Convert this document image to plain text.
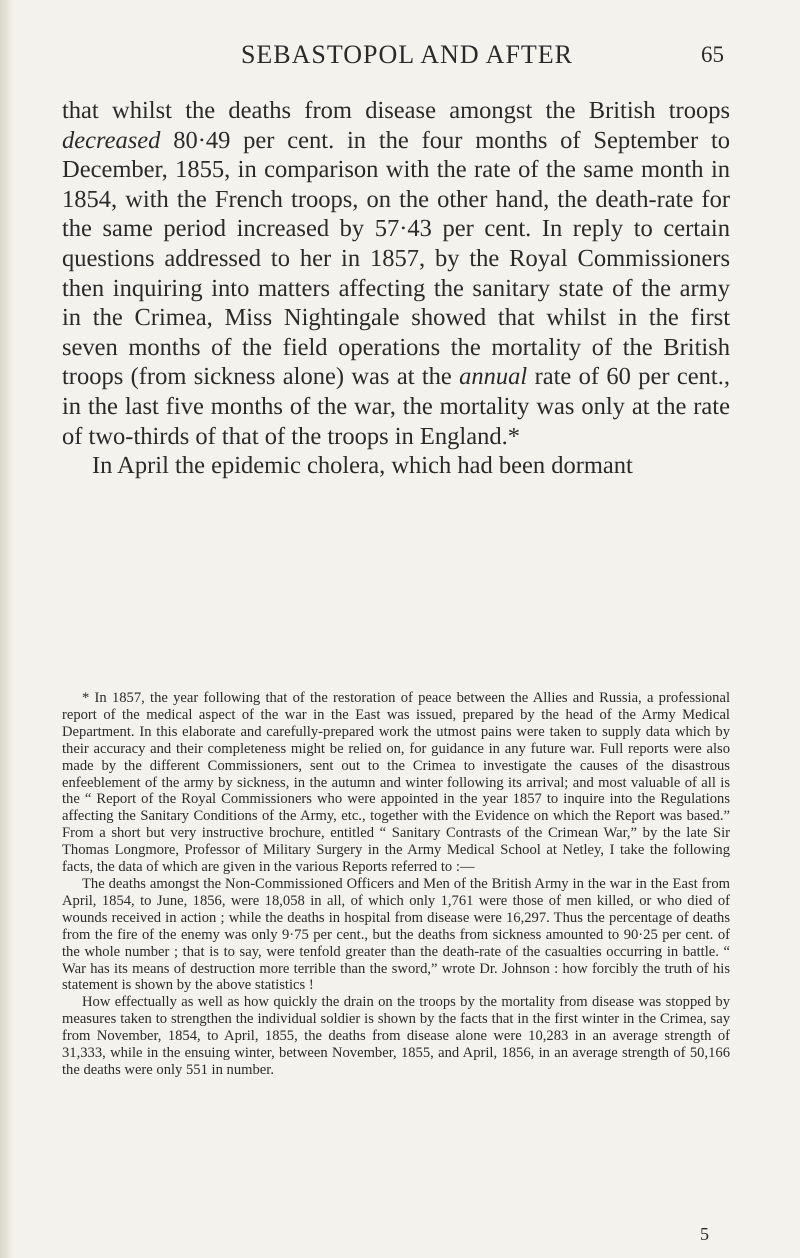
SEBASTOPOL AND AFTER	65

that whilst the deaths from disease amongst the British troops decreased 80·49 per cent. in the four months of September to December, 1855, in comparison with the rate of the same month in 1854, with the French troops, on the other hand, the death-rate for the same period increased by 57·43 per cent. In reply to certain questions addressed to her in 1857, by the Royal Commissioners then inquiring into matters affecting the sanitary state of the army in the Crimea, Miss Nightingale showed that whilst in the first seven months of the field operations the mortality of the British troops (from sickness alone) was at the annual rate of 60 per cent., in the last five months of the war, the mortality was only at the rate of two-thirds of that of the troops in England.*

In April the epidemic cholera, which had been dormant

* In 1857, the year following that of the restoration of peace between the Allies and Russia, a professional report of the medical aspect of the war in the East was issued, prepared by the head of the Army Medical Department. In this elaborate and carefully-prepared work the utmost pains were taken to supply data which by their accuracy and their completeness might be relied on, for guidance in any future war. Full reports were also made by the different Commissioners, sent out to the Crimea to investigate the causes of the disastrous enfeeblement of the army by sickness, in the autumn and winter following its arrival; and most valuable of all is the “ Report of the Royal Commissioners who were appointed in the year 1857 to inquire into the Regulations affecting the Sanitary Conditions of the Army, etc., together with the Evidence on which the Report was based.” From a short but very instructive brochure, entitled “ Sanitary Contrasts of the Crimean War,” by the late Sir Thomas Longmore, Professor of Military Surgery in the Army Medical School at Netley, I take the following facts, the data of which are given in the various Reports referred to :—

The deaths amongst the Non-Commissioned Officers and Men of the British Army in the war in the East from April, 1854, to June, 1856, were 18,058 in all, of which only 1,761 were those of men killed, or who died of wounds received in action ; while the deaths in hospital from disease were 16,297. Thus the percentage of deaths from the fire of the enemy was only 9·75 per cent., but the deaths from sickness amounted to 90·25 per cent. of the whole number ; that is to say, were tenfold greater than the death-rate of the casualties occurring in battle. “ War has its means of destruction more terrible than the sword,” wrote Dr. Johnson : how forcibly the truth of his statement is shown by the above statistics !

How effectually as well as how quickly the drain on the troops by the mortality from disease was stopped by measures taken to strengthen the individual soldier is shown by the facts that in the first winter in the Crimea, say from November, 1854, to April, 1855, the deaths from disease alone were 10,283 in an average strength of 31,333, while in the ensuing winter, between November, 1855, and April, 1856, in an average strength of 50,166 the deaths were only 551 in number.

5
